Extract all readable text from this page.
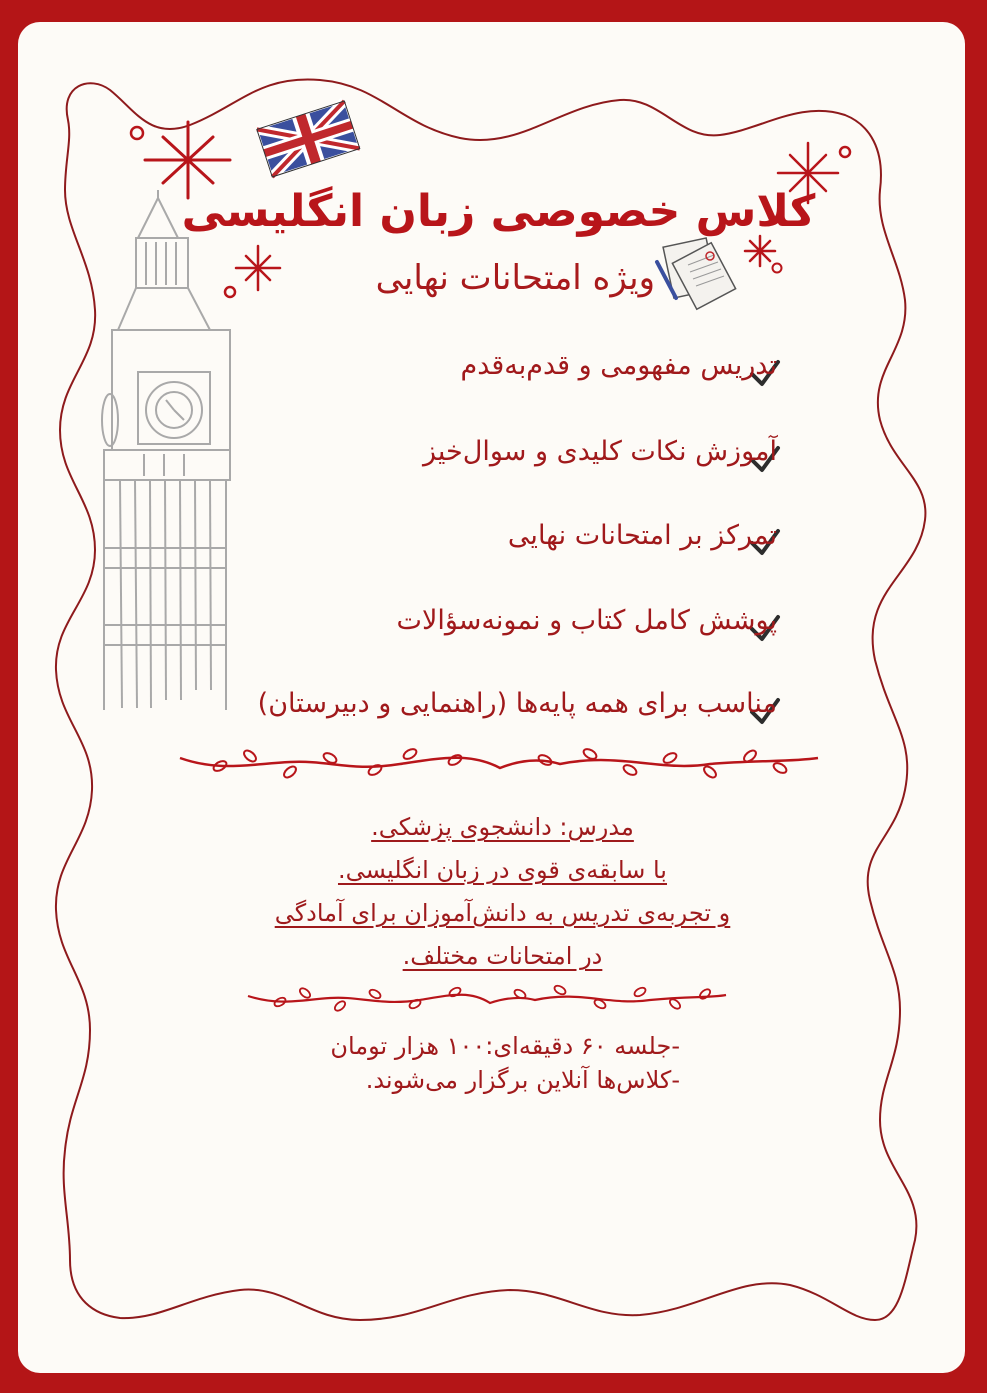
کلاس خصوصی زبان انگلیسی
ویژه امتحانات نهایی
تدریس مفهومی و قدم‌به‌قدم
آموزش نکات کلیدی و سوال‌خیز
تمرکز بر امتحانات نهایی
پوشش کامل کتاب و نمونه‌سؤالات
مناسب برای همه پایه‌ها (راهنمایی و دبیرستان)
مدرس: دانشجوی پزشکی.
با سابقه‌ی قوی در زبان انگلیسی.
و تجربه‌ی تدریس به دانش‌آموزان برای آمادگی
در امتحانات مختلف.
-جلسه ۶۰ دقیقه‌ای:۱۰۰ هزار تومان
-کلاس‌ها آنلاین برگزار می‌شوند.
